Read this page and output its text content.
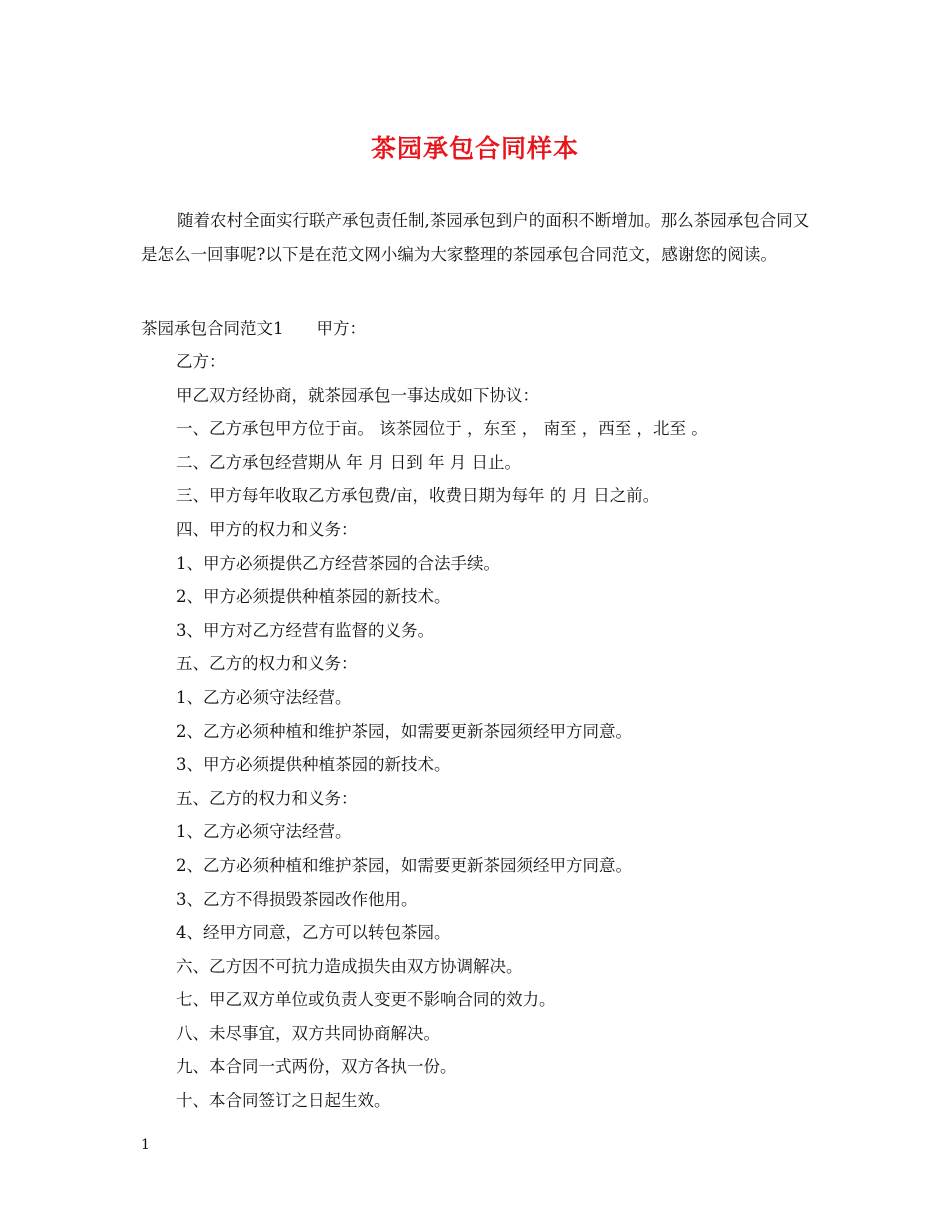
茶园承包合同样本
随着农村全面实行联产承包责任制,茶园承包到户的面积不断增加。那么茶园承包合同又是怎么一回事呢?以下是在范文网小编为大家整理的茶园承包合同范文，感谢您的阅读。
茶园承包合同范文1　　甲方：
乙方：
甲乙双方经协商，就茶园承包一事达成如下协议：
一、乙方承包甲方位于亩。 该茶园位于 ，东至 ， 南至 ，西至 ，北至 。
二、乙方承包经营期从 年 月 日到 年 月 日止。
三、甲方每年收取乙方承包费/亩，收费日期为每年 的 月 日之前。
四、甲方的权力和义务：
1、甲方必须提供乙方经营茶园的合法手续。
2、甲方必须提供种植茶园的新技术。
3、甲方对乙方经营有监督的义务。
五、乙方的权力和义务：
1、乙方必须守法经营。
2、乙方必须种植和维护茶园，如需要更新茶园须经甲方同意。
3、甲方必须提供种植茶园的新技术。
五、乙方的权力和义务：
1、乙方必须守法经营。
2、乙方必须种植和维护茶园，如需要更新茶园须经甲方同意。
3、乙方不得损毁茶园改作他用。
4、经甲方同意，乙方可以转包茶园。
六、乙方因不可抗力造成损失由双方协调解决。
七、甲乙双方单位或负责人变更不影响合同的效力。
八、未尽事宜，双方共同协商解决。
九、本合同一式两份，双方各执一份。
十、本合同签订之日起生效。
1
